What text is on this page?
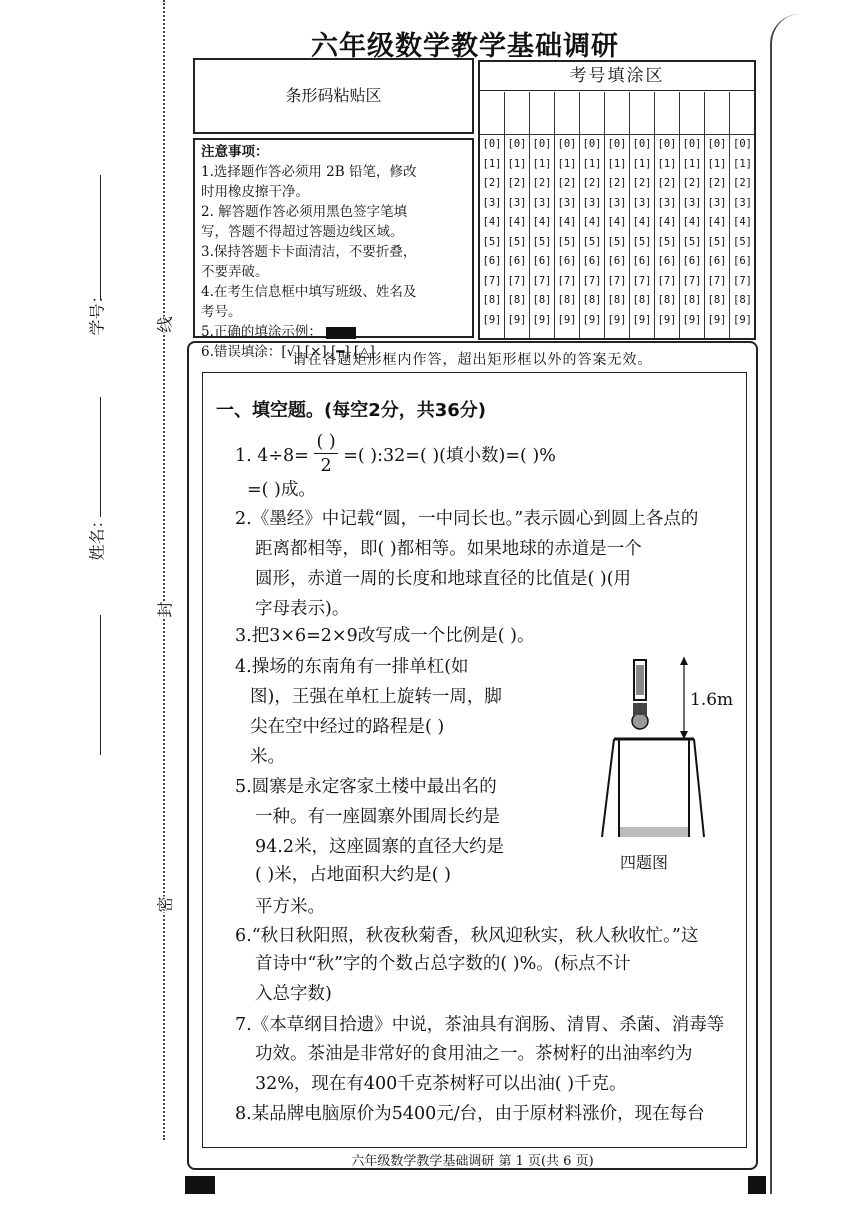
学号：
姓名：
线
封
密
六年级数学教学基础调研
条形码粘贴区
注意事项：
1.选择题作答必须用 2B 铅笔，修改
时用橡皮擦干净。
2. 解答题作答必须用黑色签字笔填
写，答题不得超过答题边线区域。
3.保持答题卡卡面清洁，不要折叠，
不要弄破。
4.在考生信息框中填写班级、姓名及
考号。
5.正确的填涂示例：
6.错误填涂：[√] [×] [━] [△]
考号填涂区
[0]
[1]
[2]
[3]
[4]
[5]
[6]
[7]
[8]
[9]
[0]
[1]
[2]
[3]
[4]
[5]
[6]
[7]
[8]
[9]
[0]
[1]
[2]
[3]
[4]
[5]
[6]
[7]
[8]
[9]
[0]
[1]
[2]
[3]
[4]
[5]
[6]
[7]
[8]
[9]
[0]
[1]
[2]
[3]
[4]
[5]
[6]
[7]
[8]
[9]
[0]
[1]
[2]
[3]
[4]
[5]
[6]
[7]
[8]
[9]
[0]
[1]
[2]
[3]
[4]
[5]
[6]
[7]
[8]
[9]
[0]
[1]
[2]
[3]
[4]
[5]
[6]
[7]
[8]
[9]
[0]
[1]
[2]
[3]
[4]
[5]
[6]
[7]
[8]
[9]
[0]
[1]
[2]
[3]
[4]
[5]
[6]
[7]
[8]
[9]
[0]
[1]
[2]
[3]
[4]
[5]
[6]
[7]
[8]
[9]
请在各题矩形框内作答，超出矩形框以外的答案无效。
一、填空题。(每空2分，共36分)
1. 4÷8=
( )
2 =( ):32=( )(填小数)=( )%
=( )成。
2.《墨经》中记载“圆，一中同长也。”表示圆心到圆上各点的
距离都相等，即( )都相等。如果地球的赤道是一个
圆形，赤道一周的长度和地球直径的比值是( )(用
字母表示)。
3.把3×6=2×9改写成一个比例是( )。
4.操场的东南角有一排单杠(如
图)，王强在单杠上旋转一周，脚
尖在空中经过的路程是( )
米。
5.圆寨是永定客家土楼中最出名的
一种。有一座圆寨外围周长约是
94.2米，这座圆寨的直径大约是
( )米，占地面积大约是( )
平方米。
1.6m
四题图
6.“秋日秋阳照，秋夜秋菊香，秋风迎秋实，秋人秋收忙。”这
首诗中“秋”字的个数占总字数的( )%。(标点不计
入总字数)
7.《本草纲目拾遗》中说，茶油具有润肠、清胃、杀菌、消毒等
功效。茶油是非常好的食用油之一。茶树籽的出油率约为
32%，现在有400千克茶树籽可以出油( )千克。
8.某品牌电脑原价为5400元/台，由于原材料涨价，现在每台
六年级数学教学基础调研 第 1 页(共 6 页)
